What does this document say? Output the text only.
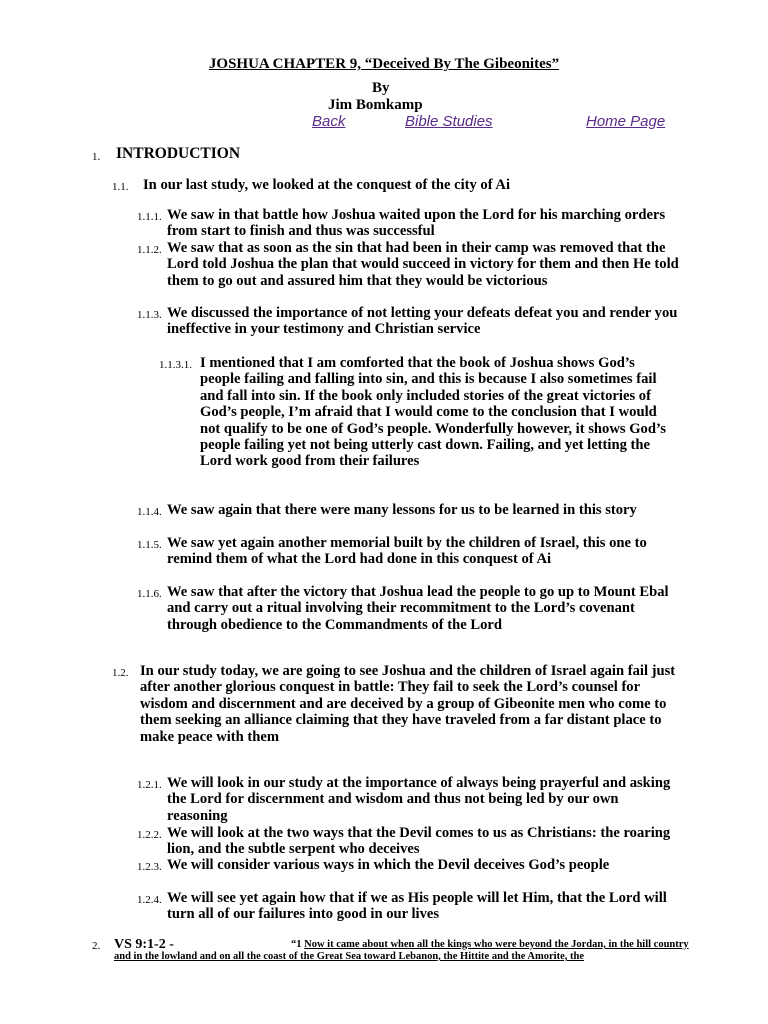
JOSHUA CHAPTER 9, “Deceived By The Gibeonites”
By
Jim Bomkamp
Back	Bible Studies	Home Page
1. INTRODUCTION

1.1. In our last study, we looked at the conquest of the city of Ai

1.1.1. We saw in that battle how Joshua waited upon the Lord for his marching orders from start to finish and thus was successful

1.1.2. We saw that as soon as the sin that had been in their camp was removed that the Lord told Joshua the plan that would succeed in victory for them and then He told them to go out and assured him that they would be victorious

1.1.3. We discussed the importance of not letting your defeats defeat you and render you ineffective in your testimony and Christian service

1.1.3.1. I mentioned that I am comforted that the book of Joshua shows God’s people failing and falling into sin, and this is because I also sometimes fail and fall into sin. If the book only included stories of the great victories of God’s people, I’m afraid that I would come to the conclusion that I would not qualify to be one of God’s people. Wonderfully however, it shows God’s people failing yet not being utterly cast down. Failing, and yet letting the Lord work good from their failures

1.1.4. We saw again that there were many lessons for us to be learned in this story

1.1.5. We saw yet again another memorial built by the children of Israel, this one to remind them of what the Lord had done in this conquest of Ai

1.1.6. We saw that after the victory that Joshua lead the people to go up to Mount Ebal and carry out a ritual involving their recommitment to the Lord’s covenant through obedience to the Commandments of the Lord

1.2. In our study today, we are going to see Joshua and the children of Israel again fail just after another glorious conquest in battle: They fail to seek the Lord’s counsel for wisdom and discernment and are deceived by a group of Gibeonite men who come to them seeking an alliance claiming that they have traveled from a far distant place to make peace with them

1.2.1. We will look in our study at the importance of always being prayerful and asking the Lord for discernment and wisdom and thus not being led by our own reasoning

1.2.2. We will look at the two ways that the Devil comes to us as Christians: the roaring lion, and the subtle serpent who deceives

1.2.3. We will consider various ways in which the Devil deceives God’s people

1.2.4. We will see yet again how that if we as His people will let Him, that the Lord will turn all of our failures into good in our lives

2. VS 9:1-2 -	“1 Now it came about when all the kings who were beyond the Jordan, in the hill country
and in the lowland and on all the coast of the Great Sea toward Lebanon, the Hittite and the Amorite, the
